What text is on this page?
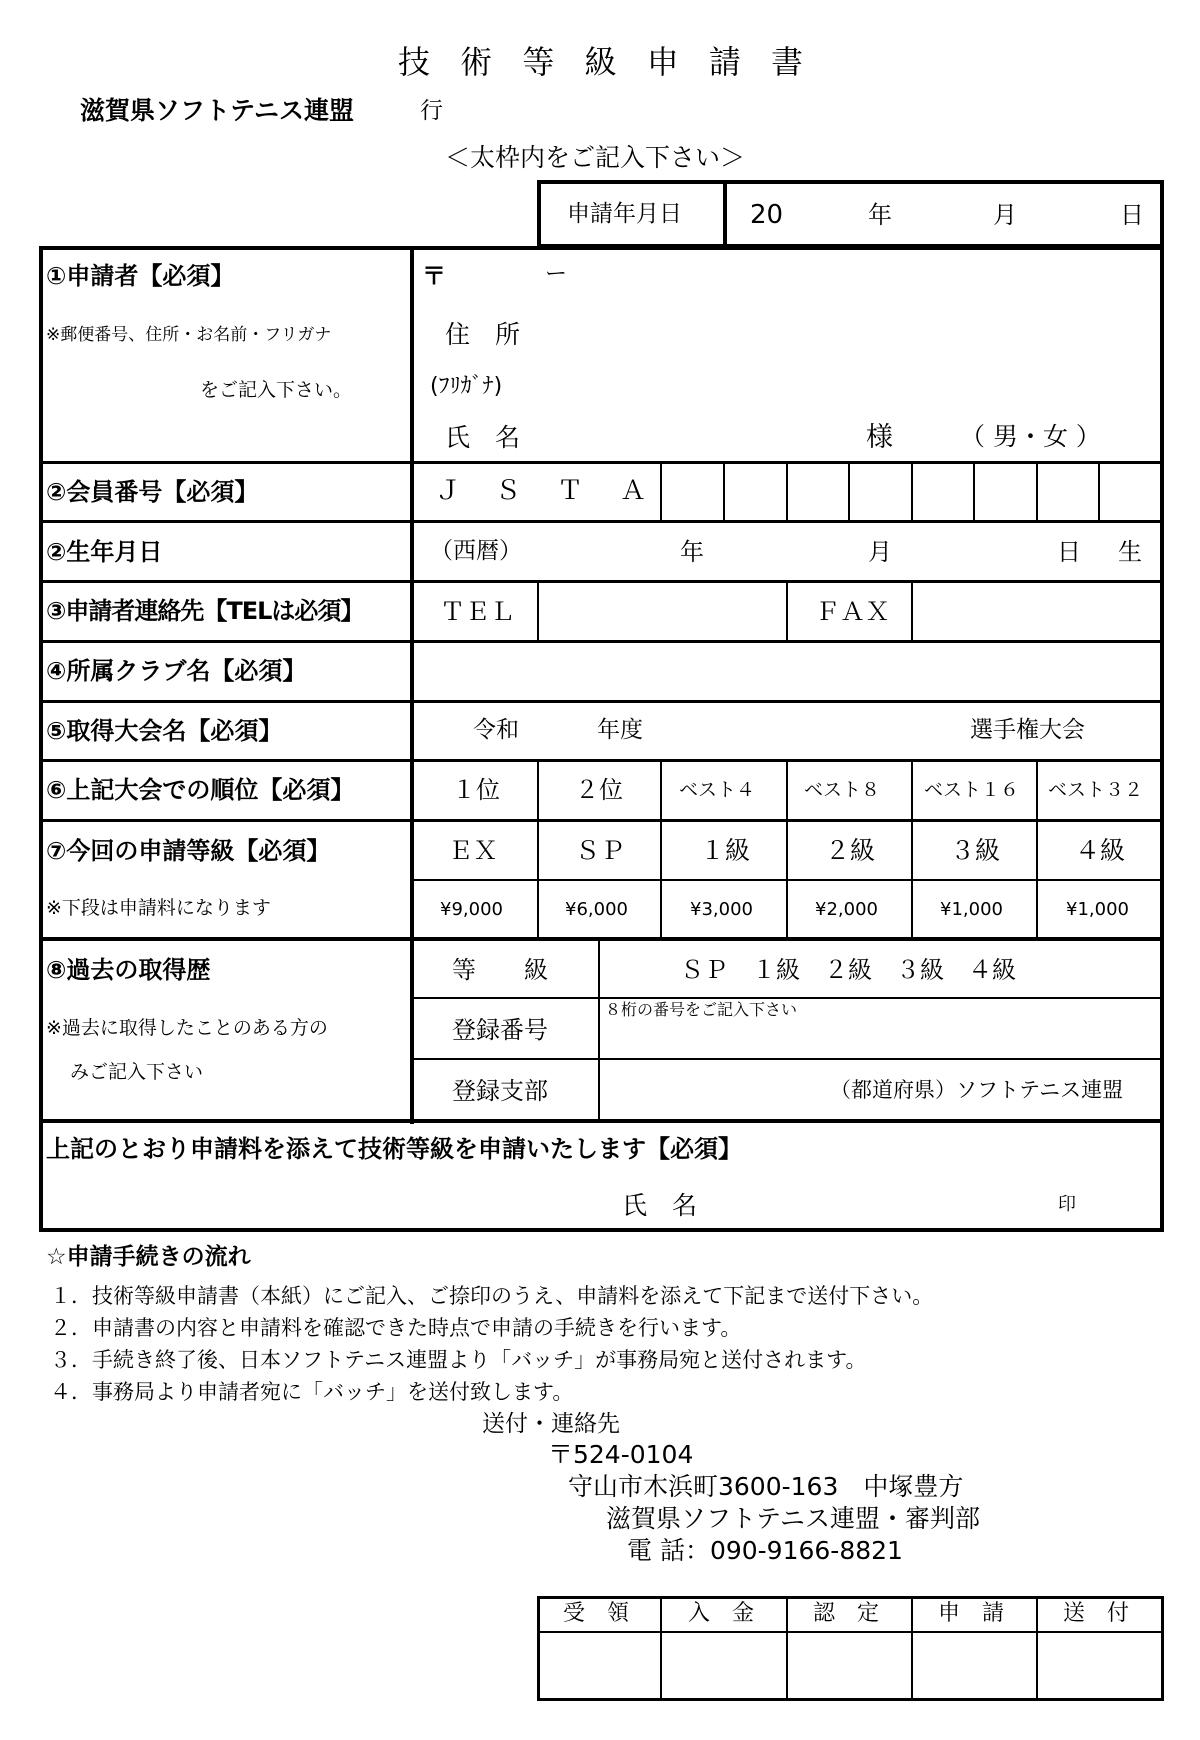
技 術 等 級 申 請 書
滋賀県ソフトテニス連盟	行
＜太枠内をご記入下さい＞
申請年月日	20	年	月	日
①申請者【必須】
※郵便番号、住所・お名前・フリガナ
をご記入下さい。
〒	ー
住　所
(ﾌﾘｶﾞﾅ)
氏　名	様	（ 男・女 ）
②会員番号【必須】	Ｊ Ｓ Ｔ Ａ
②生年月日	（西暦）	年	月	日 生
③申請者連絡先【TELは必須】	ＴＥＬ	ＦＡＸ
④所属クラブ名【必須】
⑤取得大会名【必須】	令和	年度	選手権大会
⑥上記大会での順位【必須】	１位	２位	ベスト４	ベスト８ ベスト１６ ベスト３２
⑦今回の申請等級【必須】
※下段は申請料になります
ＥＸ	ＳＰ	１級	２級	３級	４級
¥9,000	¥6,000	¥3,000	¥2,000	¥1,000	¥1,000
⑧過去の取得歴
※過去に取得したことのある方の
みご記入下さい
等　　級	ＳＰ　１級　２級　３級　４級
登録番号
８桁の番号をご記入下さい
登録支部	（都道府県）ソフトテニス連盟
上記のとおり申請料を添えて技術等級を申請いたします【必須】
氏　名	印
☆申請手続きの流れ
１．技術等級申請書（本紙）にご記入、ご捺印のうえ、申請料を添えて下記まで送付下さい。
２．申請書の内容と申請料を確認できた時点で申請の手続きを行います。
３．手続き終了後、日本ソフトテニス連盟より「バッチ」が事務局宛と送付されます。
４．事務局より申請者宛に「バッチ」を送付致します。
送付・連絡先
〒524-0104
守山市木浜町3600-163　中塚豊方
滋賀県ソフトテニス連盟・審判部
電 話：090-9166-8821
受　領	入　金	認　定	申　請	送　付
